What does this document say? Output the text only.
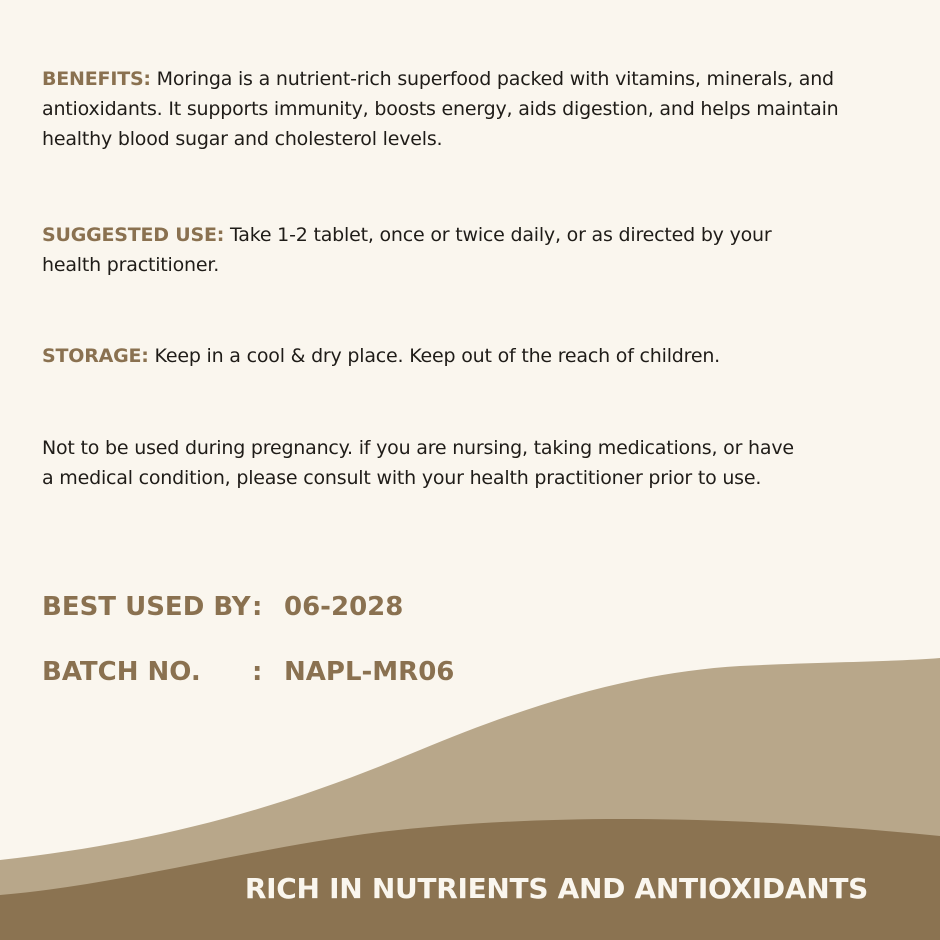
BENEFITS: Moringa is a nutrient-rich superfood packed with vitamins, minerals, and antioxidants. It supports immunity, boosts energy, aids digestion, and helps maintain healthy blood sugar and cholesterol levels.

SUGGESTED USE: Take 1-2 tablet, once or twice daily, or as directed by your health practitioner.

STORAGE: Keep in a cool & dry place. Keep out of the reach of children.

Not to be used during pregnancy. if you are nursing, taking medications, or have a medical condition, please consult with your health practitioner prior to use.

BEST USED BY: 06-2028
BATCH NO. : NAPL-MR06
RICH IN NUTRIENTS AND ANTIOXIDANTS
